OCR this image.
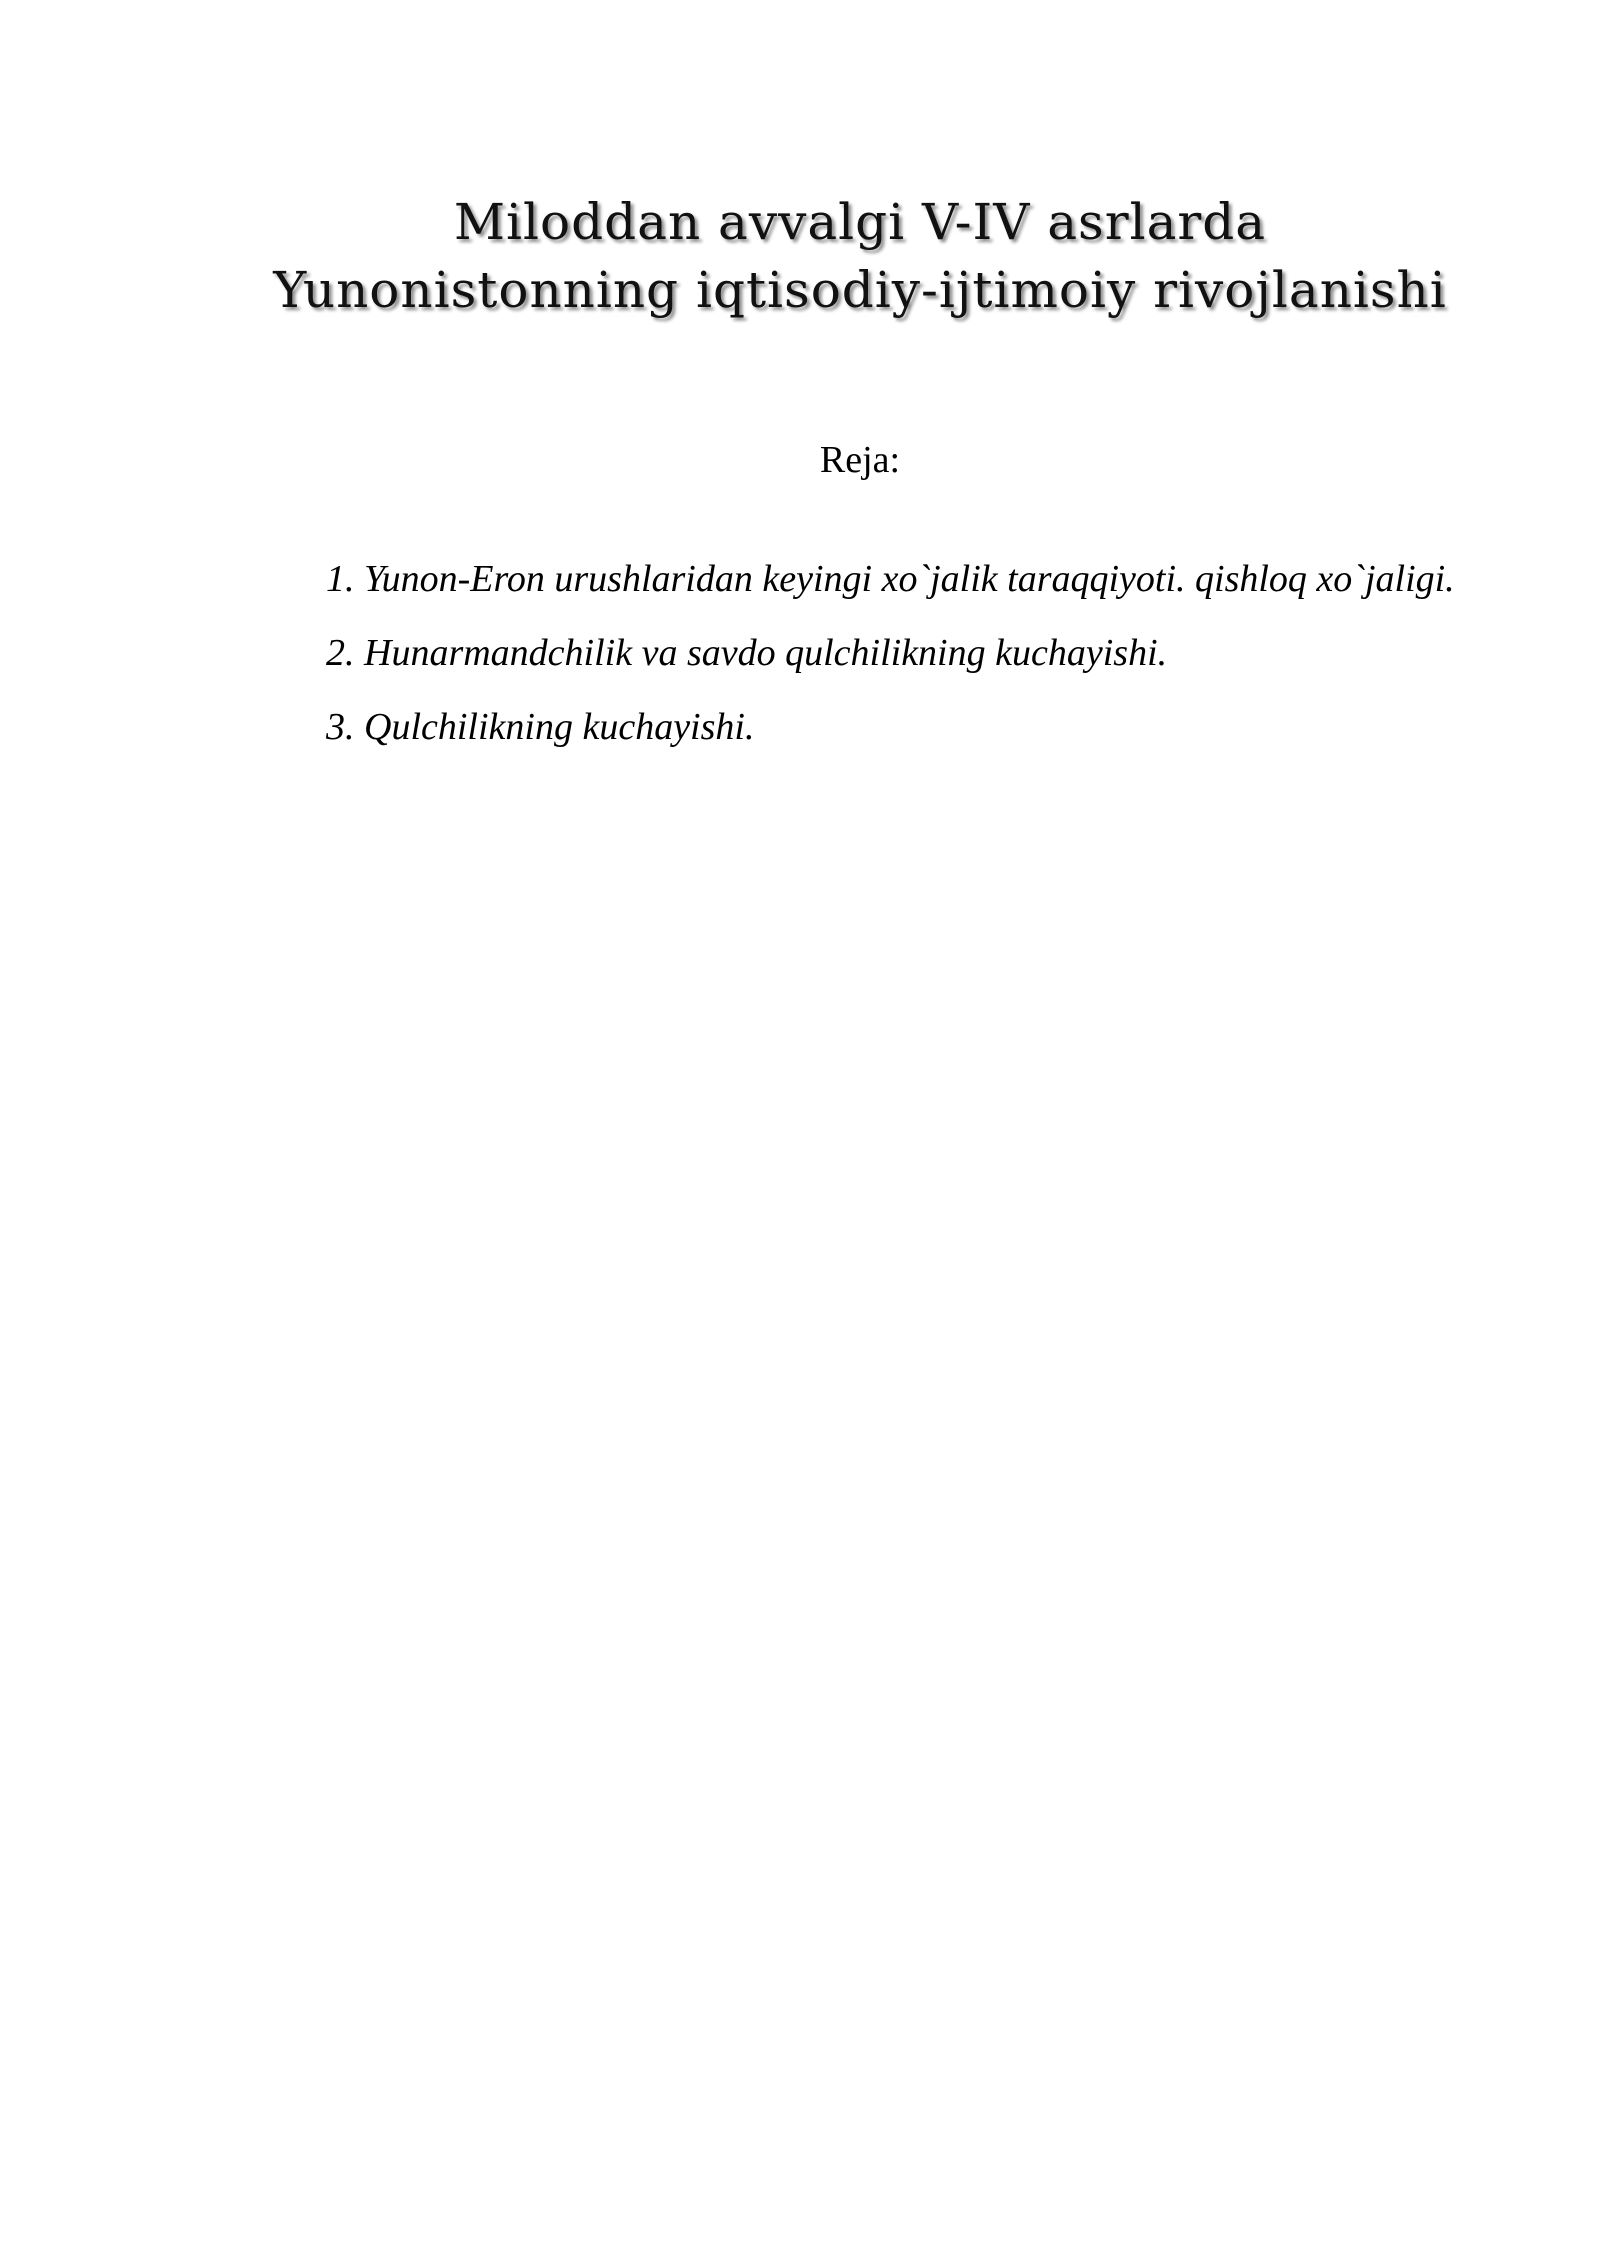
Miloddan avvalgi V-IV asrlarda
Yunonistonning iqtisodiy-ijtimoiy rivojlanishi
Reja:

1. Yunon-Eron urushlaridan keyingi xo`jalik taraqqiyoti. qishloq xo`jaligi.

2. Hunarmandchilik va savdo qulchilikning kuchayishi.

3. Qulchilikning kuchayishi.
